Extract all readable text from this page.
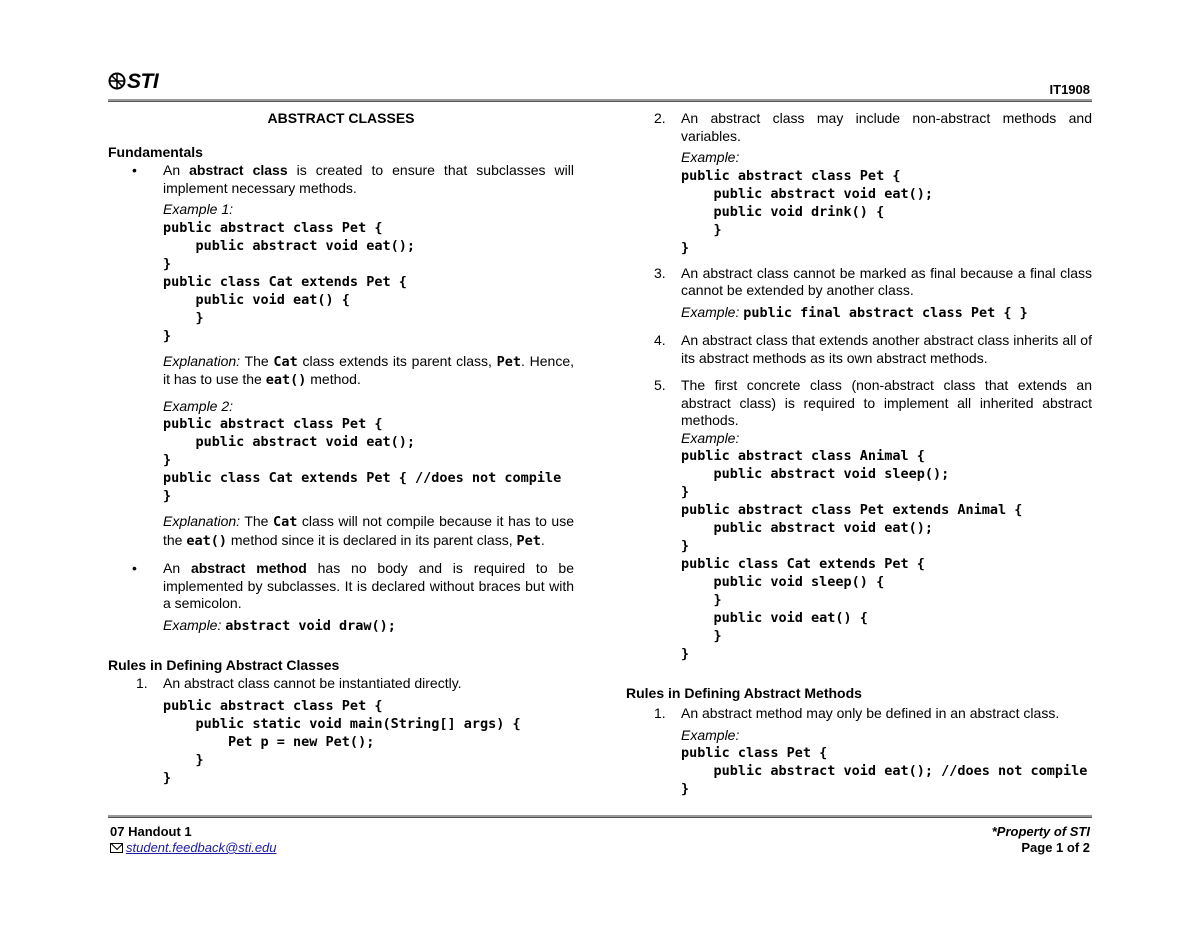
STI	IT1908
ABSTRACT CLASSES
Fundamentals
• An abstract class is created to ensure that subclasses will implement necessary methods.
Example 1:
public abstract class Pet {
public abstract void eat();
}
public class Cat extends Pet {
public void eat() {
}
}
Explanation: The Cat class extends its parent class, Pet. Hence, it has to use the eat() method.
Example 2:
public abstract class Pet {
public abstract void eat();
}
public class Cat extends Pet { //does not compile
}
Explanation: The Cat class will not compile because it has to use the eat() method since it is declared in its parent class, Pet.
• An abstract method has no body and is required to be implemented by subclasses. It is declared without braces but with a semicolon.
Example: abstract void draw();
Rules in Defining Abstract Classes
1. An abstract class cannot be instantiated directly.
public abstract class Pet {
public static void main(String[] args) {
Pet p = new Pet();
}
}
2. An abstract class may include non-abstract methods and variables.
Example:
public abstract class Pet {
public abstract void eat();
public void drink() {
}
}
3. An abstract class cannot be marked as final because a final class cannot be extended by another class.
Example: public final abstract class Pet { }
4. An abstract class that extends another abstract class inherits all of its abstract methods as its own abstract methods.
5. The first concrete class (non-abstract class that extends an abstract class) is required to implement all inherited abstract methods.
Example:
public abstract class Animal {
public abstract void sleep();
}
public abstract class Pet extends Animal {
public abstract void eat();
}
public class Cat extends Pet {
public void sleep() {
}
public void eat() {
}
}
Rules in Defining Abstract Methods
1. An abstract method may only be defined in an abstract class.
Example:
public class Pet {
public abstract void eat(); //does not compile
}
07 Handout 1
student.feedback@sti.edu
*Property of STI
Page 1 of 2
